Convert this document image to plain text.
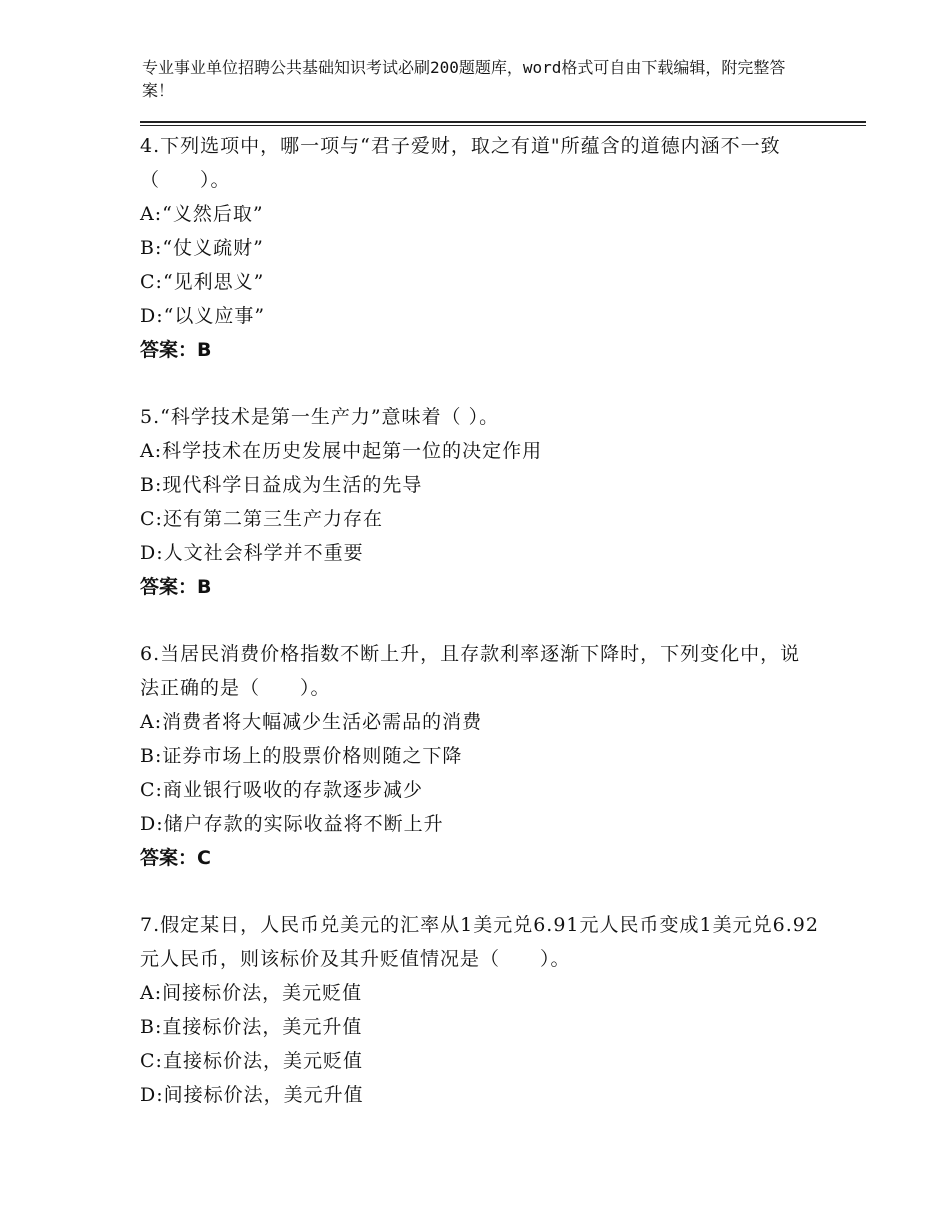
专业事业单位招聘公共基础知识考试必刷200题题库，word格式可自由下载编辑，附完整答案！

4.下列选项中，哪一项与“君子爱财，取之有道"所蕴含的道德内涵不一致（　　）。

A:“义然后取”

B:“仗义疏财”

C:“见利思义”

D:“以义应事”

答案：B

5.“科学技术是第一生产力”意味着（ ）。

A:科学技术在历史发展中起第一位的决定作用

B:现代科学日益成为生活的先导

C:还有第二第三生产力存在

D:人文社会科学并不重要

答案：B

6.当居民消费价格指数不断上升，且存款利率逐渐下降时，下列变化中，说法正确的是（　　）。

A:消费者将大幅减少生活必需品的消费

B:证券市场上的股票价格则随之下降

C:商业银行吸收的存款逐步减少

D:储户存款的实际收益将不断上升

答案：C

7.假定某日，人民币兑美元的汇率从1美元兑6.91元人民币变成1美元兑6.92元人民币，则该标价及其升贬值情况是（　　）。

A:间接标价法，美元贬值

B:直接标价法，美元升值

C:直接标价法，美元贬值

D:间接标价法，美元升值
